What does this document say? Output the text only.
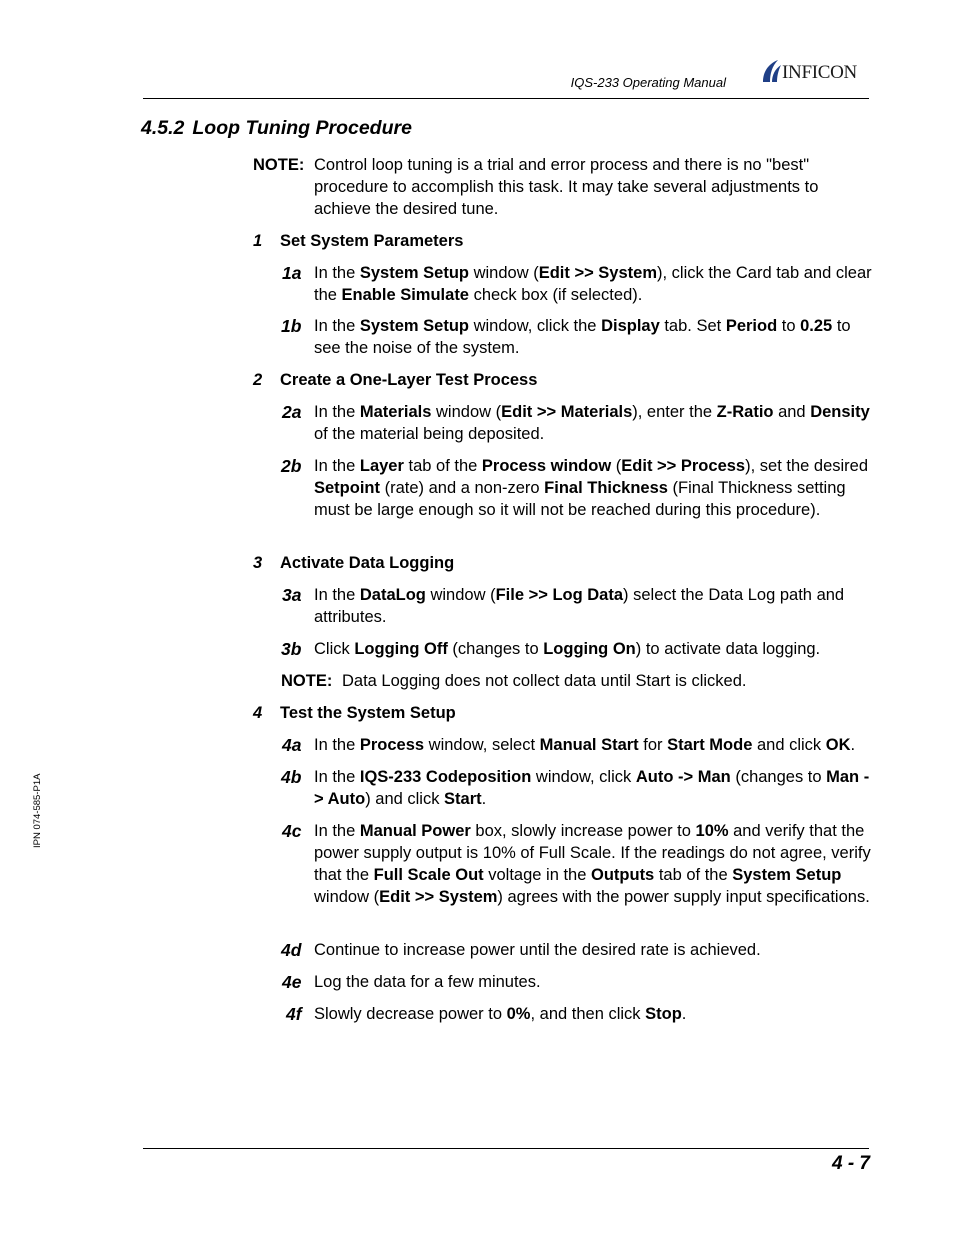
IQS-233 Operating Manual	INFICON
4.5.2 Loop Tuning Procedure
NOTE: Control loop tuning is a trial and error process and there is no "best" procedure to accomplish this task. It may take several adjustments to achieve the desired tune.
1 Set System Parameters
1a In the System Setup window (Edit >> System), click the Card tab and clear the Enable Simulate check box (if selected).
1b In the System Setup window, click the Display tab. Set Period to 0.25 to see the noise of the system.
2 Create a One-Layer Test Process
2a In the Materials window (Edit >> Materials), enter the Z-Ratio and Density of the material being deposited.
2b In the Layer tab of the Process window (Edit >> Process), set the desired Setpoint (rate) and a non-zero Final Thickness (Final Thickness setting must be large enough so it will not be reached during this procedure).
3 Activate Data Logging
3a In the DataLog window (File >> Log Data) select the Data Log path and attributes.
3b Click Logging Off (changes to Logging On) to activate data logging.
NOTE: Data Logging does not collect data until Start is clicked.
4 Test the System Setup
4a In the Process window, select Manual Start for Start Mode and click OK.
4b In the IQS-233 Codeposition window, click Auto -> Man (changes to Man -> Auto) and click Start.
4c In the Manual Power box, slowly increase power to 10% and verify that the power supply output is 10% of Full Scale. If the readings do not agree, verify that the Full Scale Out voltage in the Outputs tab of the System Setup window (Edit >> System) agrees with the power supply input specifications.
4d Continue to increase power until the desired rate is achieved.
4e Log the data for a few minutes.
4f Slowly decrease power to 0%, and then click Stop.
IPN 074-585-P1A
4 - 7
